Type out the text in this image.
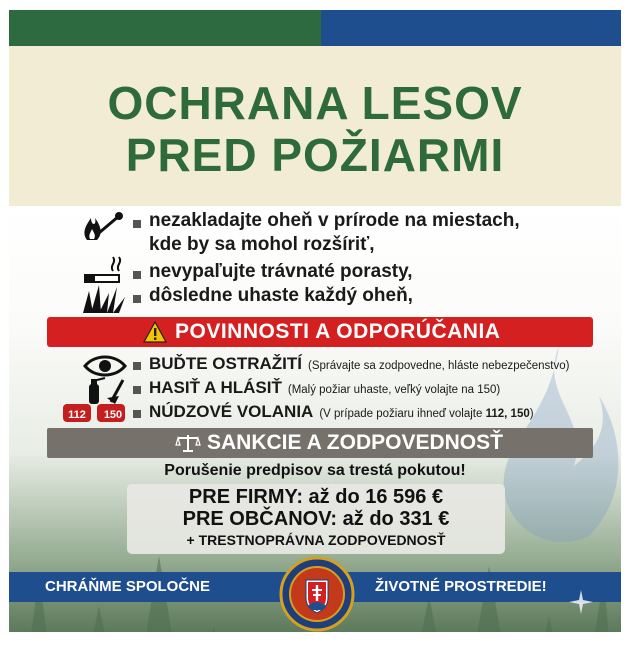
OCHRANA LESOV
PRED POŽIARMI
nezakladajte oheň v prírode na miestach,
kde by sa mohol rozšíriť,
nevypaľujte trávnaté porasty,
dôsledne uhaste každý oheň,
POVINNOSTI A ODPORÚČANIA
BUĎTE OSTRAŽITÍ (Správajte sa zodpovedne, hláste nebezpečenstvo)
HASIŤ A HLÁSIŤ (Malý požiar uhaste, veľký volajte na 150)
112 150 NÚDZOVÉ VOLANIA (V prípade požiaru ihneď volajte 112, 150)
SANKCIE A ZODPOVEDNOSŤ
Porušenie predpisov sa trestá pokutou!
PRE FIRMY: až do 16 596 €
PRE OBČANOV: až do 331 €
+ TRESTNOPRÁVNA ZODPOVEDNOSŤ
CHRÁŇME SPOLOČNE	ŽIVOTNÉ PROSTREDIE!
